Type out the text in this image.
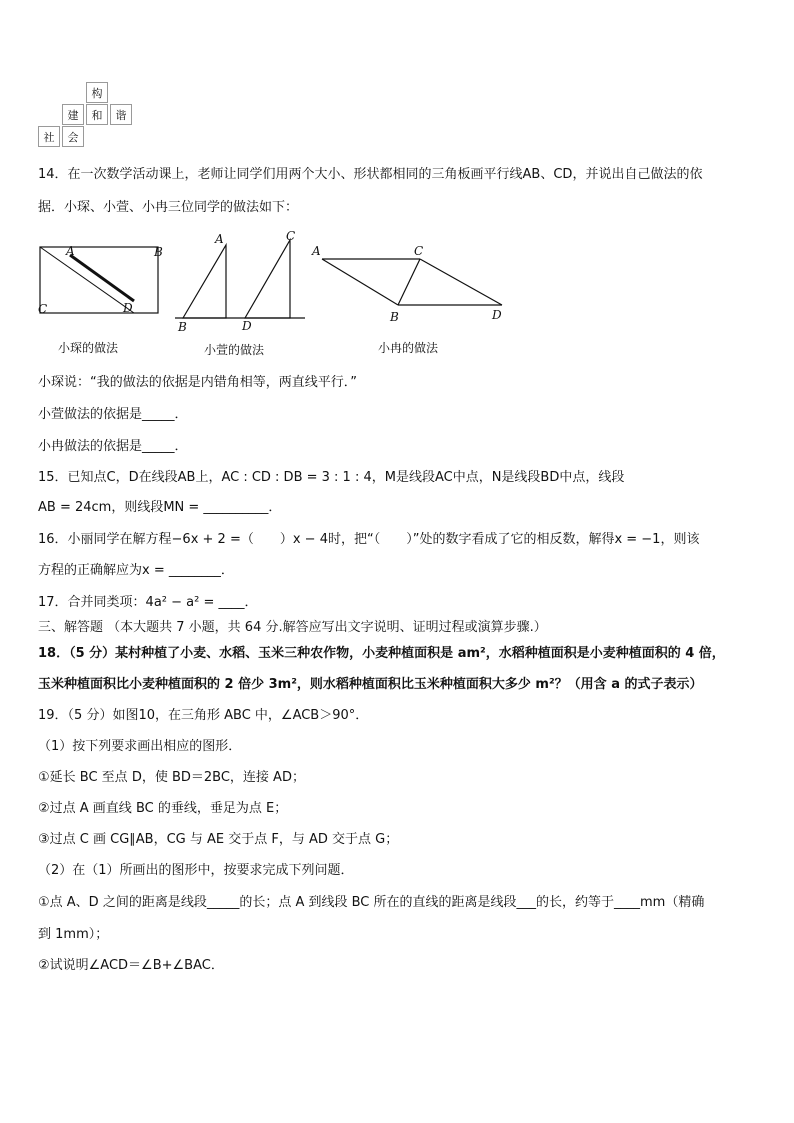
构
建	和	谐
社	会
14．在一次数学活动课上，老师让同学们用两个大小、形状都相同的三角板画平行线AB、CD，并说出自己做法的依
据．小琛、小萱、小冉三位同学的做法如下：
A	B
C	D
A
B
C
D
A
B
C
D
小琛的做法	小萱的做法	小冉的做法
小琛说：“我的做法的依据是内错角相等，两直线平行．”
小萱做法的依据是_____．
小冉做法的依据是_____．
15．已知点C，D在线段AB上，AC : CD : DB = 3 : 1 : 4，M是线段AC中点，N是线段BD中点，线段
AB = 24cm，则线段MN = __________．
16．小丽同学在解方程−6x + 2 =（　　）x − 4时，把“（　　）”处的数字看成了它的相反数，解得x = −1，则该
方程的正确解应为x = ________．
17．合并同类项：4a² − a² = ____．
三、解答题 （本大题共 7 小题，共 64 分.解答应写出文字说明、证明过程或演算步骤.）
18．（5 分）某村种植了小麦、水稻、玉米三种农作物，小麦种植面积是 am²，水稻种植面积是小麦种植面积的 4 倍，
玉米种植面积比小麦种植面积的 2 倍少 3m²，则水稻种植面积比玉米种植面积大多少 m²？（用含 a 的式子表示）
19．（5 分）如图10，在三角形 ABC 中，∠ACB＞90°．
（1）按下列要求画出相应的图形．
①延长 BC 至点 D，使 BD＝2BC，连接 AD；
②过点 A 画直线 BC 的垂线，垂足为点 E；
③过点 C 画 CG∥AB，CG 与 AE 交于点 F，与 AD 交于点 G；
（2）在（1）所画出的图形中，按要求完成下列问题．
①点 A、D 之间的距离是线段_____的长；点 A 到线段 BC 所在的直线的距离是线段___的长，约等于____mm（精确
到 1mm）；
②试说明∠ACD＝∠B+∠BAC．
